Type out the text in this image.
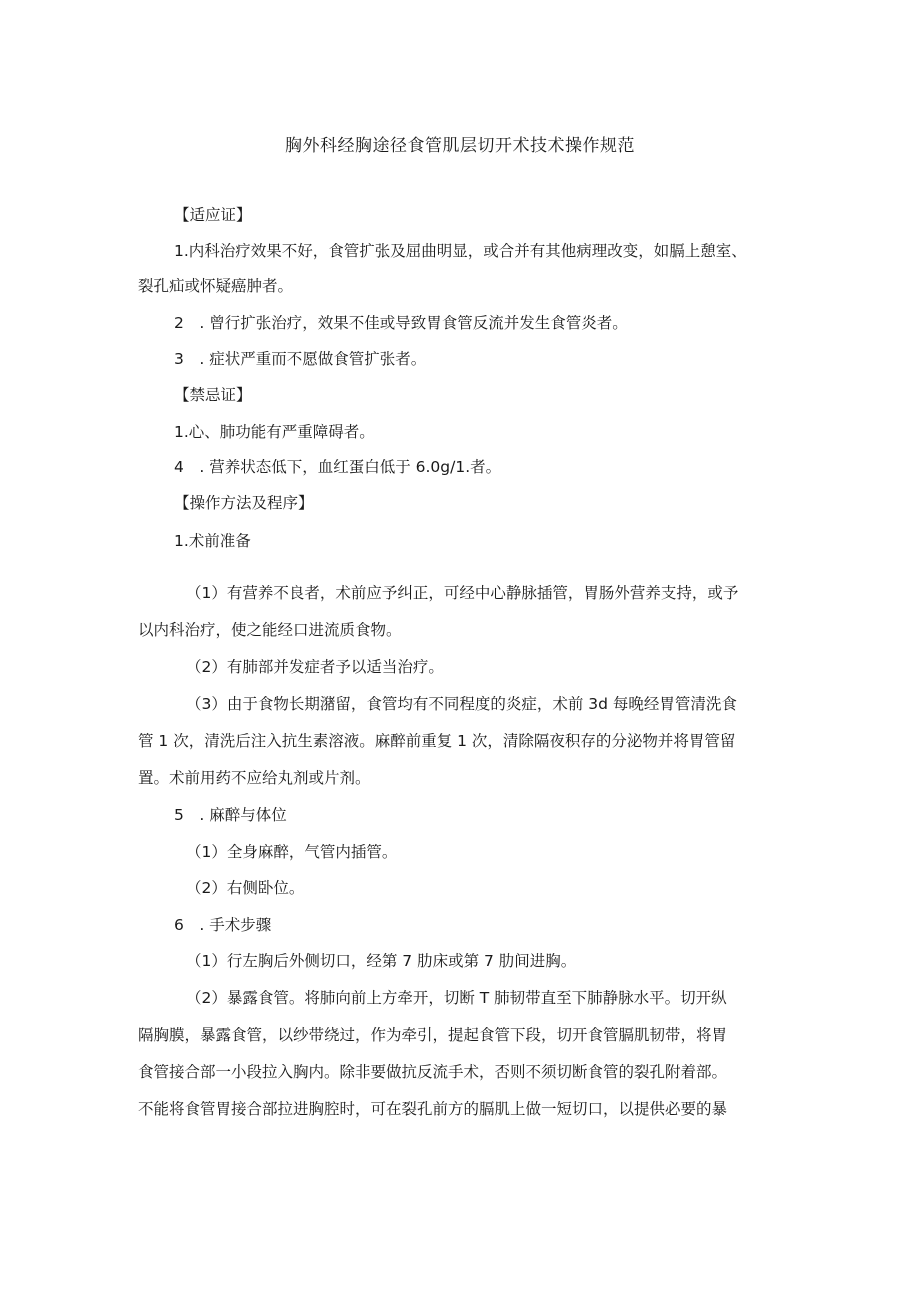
胸外科经胸途径食管肌层切开术技术操作规范
【适应证】
1.内科治疗效果不好，食管扩张及屈曲明显，或合并有其他病理改变，如膈上憩室、
裂孔疝或怀疑癌肿者。
2　. 曾行扩张治疗，效果不佳或导致胃食管反流并发生食管炎者。
3　. 症状严重而不愿做食管扩张者。
【禁忌证】
1.心、肺功能有严重障碍者。
4　. 营养状态低下，血红蛋白低于 6.0g∕1.者。
【操作方法及程序】
1.术前准备
（1）有营养不良者，术前应予纠正，可经中心静脉插管，胃肠外营养支持，或予
以内科治疗，使之能经口进流质食物。
（2）有肺部并发症者予以适当治疗。
（3）由于食物长期潴留，食管均有不同程度的炎症，术前 3d 每晚经胃管清洗食
管 1 次，清洗后注入抗生素溶液。麻醉前重复 1 次，清除隔夜积存的分泌物并将胃管留
置。术前用药不应给丸剂或片剂。
5　. 麻醉与体位
（1）全身麻醉，气管内插管。
（2）右侧卧位。
6　. 手术步骤
（1）行左胸后外侧切口，经第 7 肋床或第 7 肋间进胸。
（2）暴露食管。将肺向前上方牵开，切断 T 肺韧带直至下肺静脉水平。切开纵
隔胸膜，暴露食管，以纱带绕过，作为牵引，提起食管下段，切开食管膈肌韧带，将胃
食管接合部一小段拉入胸内。除非要做抗反流手术，否则不须切断食管的裂孔附着部。
不能将食管胃接合部拉进胸腔时，可在裂孔前方的膈肌上做一短切口，以提供必要的暴
